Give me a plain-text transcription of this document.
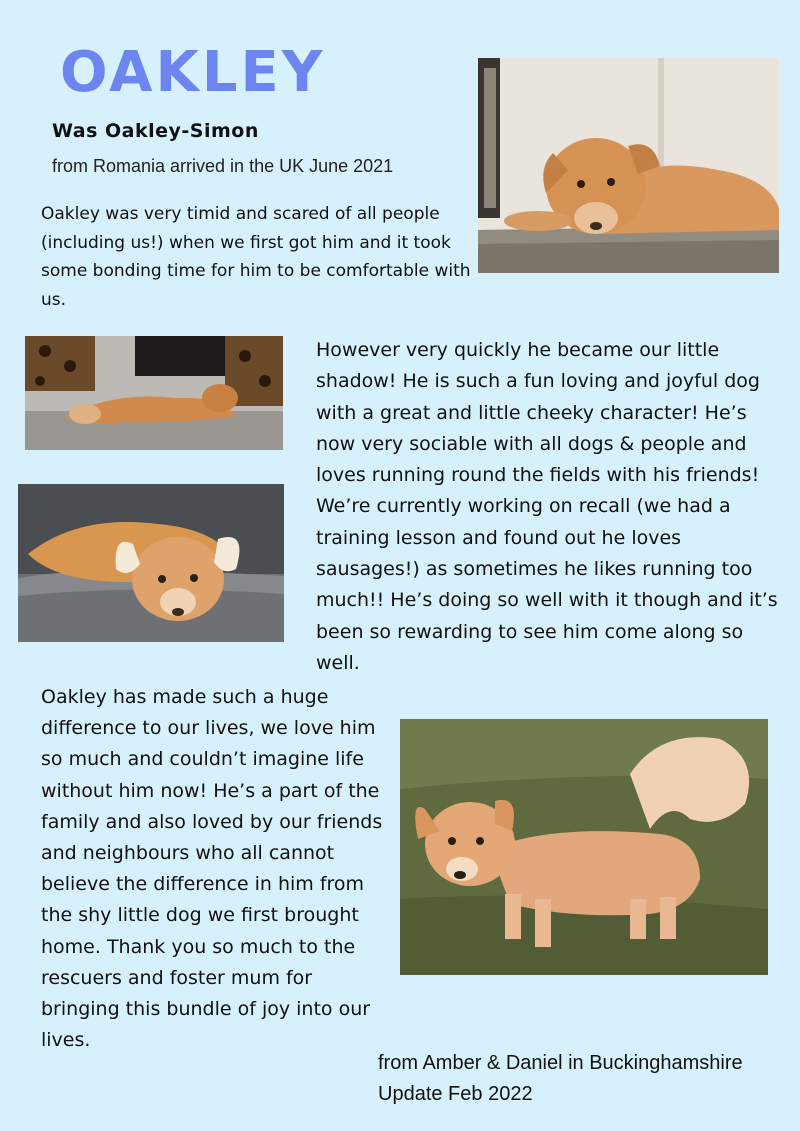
OAKLEY
Was Oakley-Simon
from Romania arrived in the UK June 2021

Oakley was very timid and scared of all people (including us!) when we first got him and it took some bonding time for him to be comfortable with us.

However very quickly he became our little shadow! He is such a fun loving and joyful dog with a great and little cheeky character! He’s now very sociable with all dogs & people and loves running round the fields with his friends! We’re currently working on recall (we had a training lesson and found out he loves sausages!) as sometimes he likes running too much!! He’s doing so well with it though and it’s been so rewarding to see him come along so well.

Oakley has made such a huge difference to our lives, we love him so much and couldn’t imagine life without him now! He’s a part of the family and also loved by our friends and neighbours who all cannot believe the difference in him from the shy little dog we first brought home. Thank you so much to the rescuers and foster mum for bringing this bundle of joy into our lives.

from Amber & Daniel in Buckinghamshire
Update Feb 2022
